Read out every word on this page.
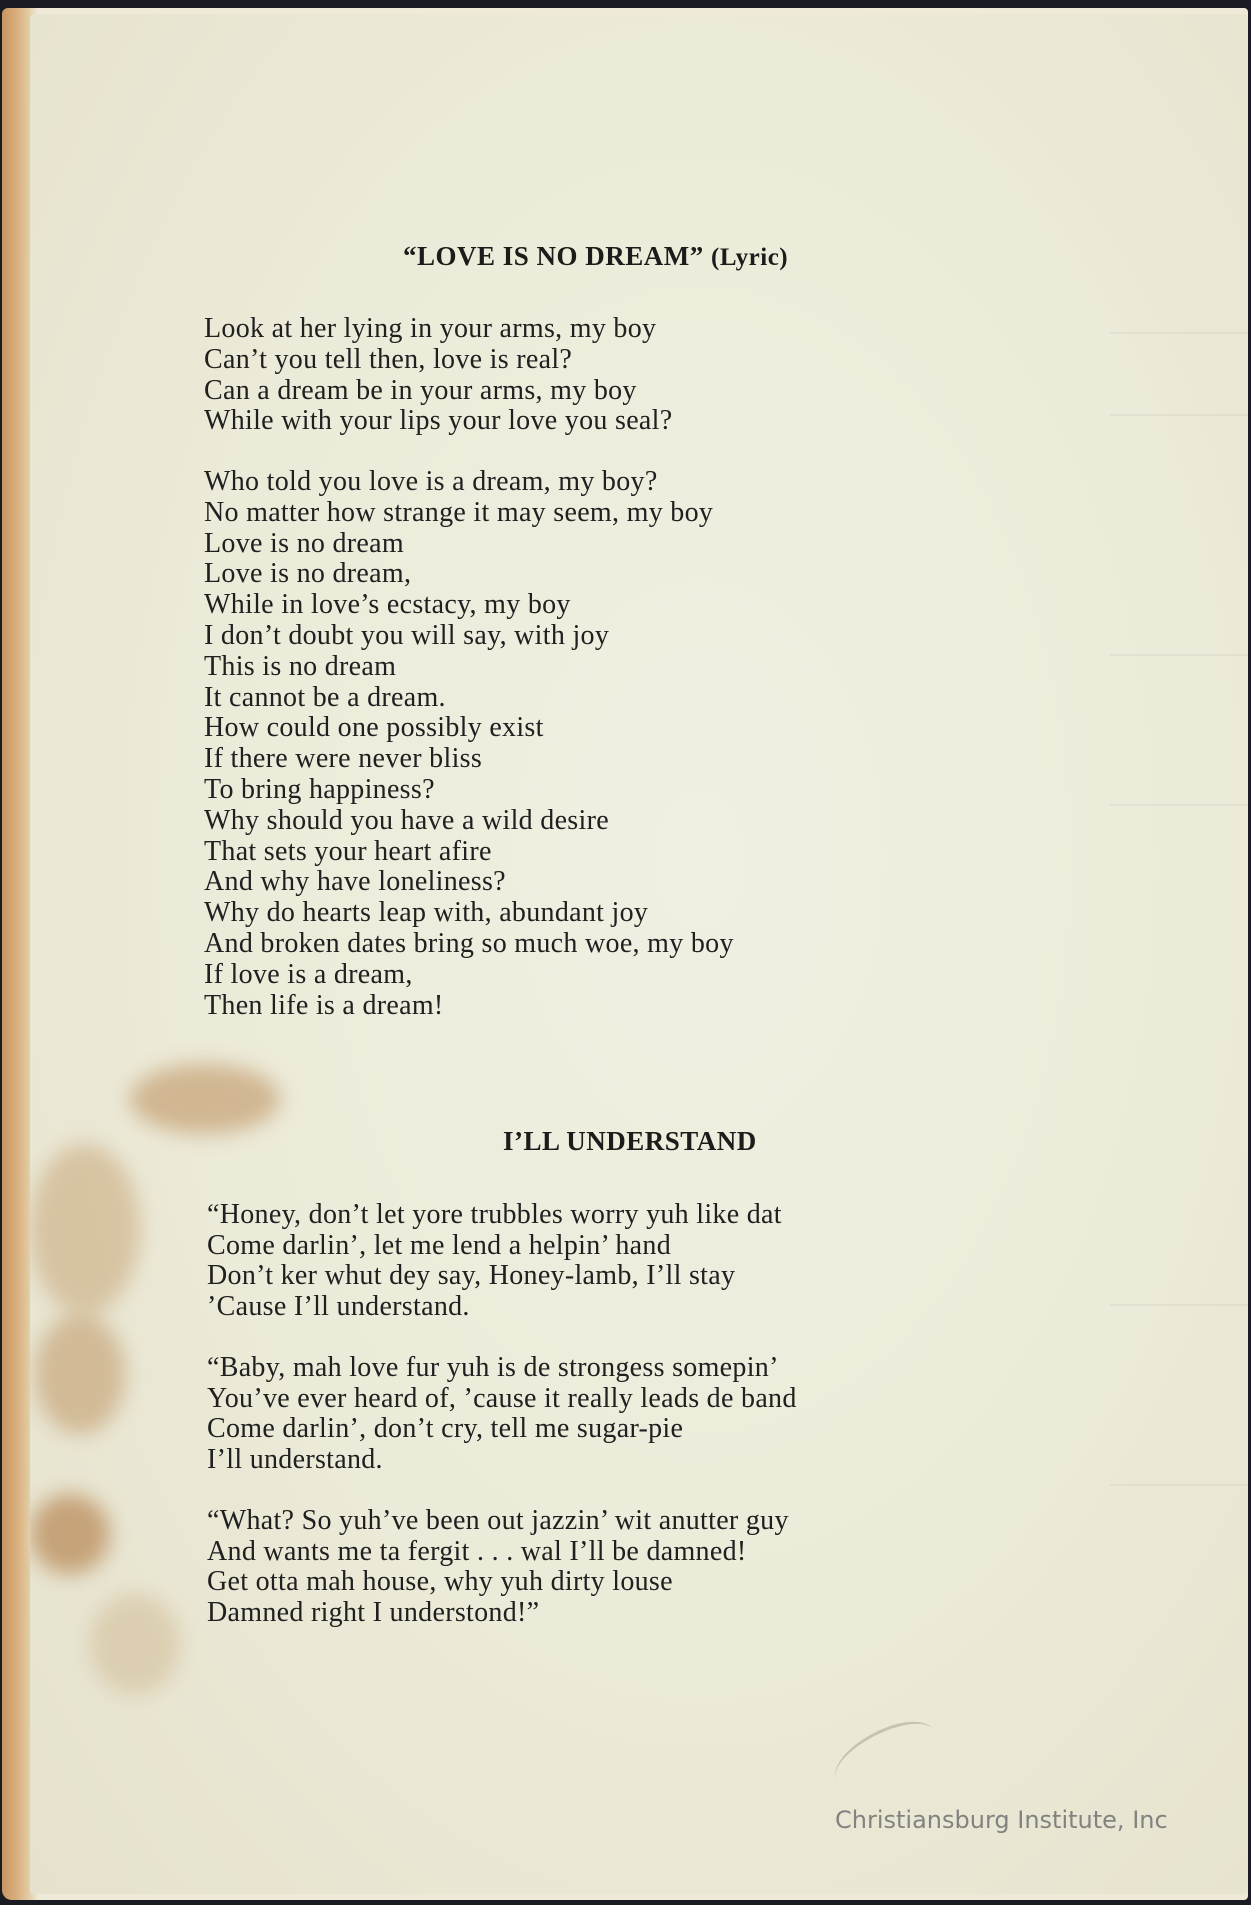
“LOVE IS NO DREAM” (Lyric)
Look at her lying in your arms, my boy
Can’t you tell then, love is real?
Can a dream be in your arms, my boy
While with your lips your love you seal?
Who told you love is a dream, my boy?
No matter how strange it may seem, my boy
Love is no dream
Love is no dream,
While in love’s ecstacy, my boy
I don’t doubt you will say, with joy
This is no dream
It cannot be a dream.
How could one possibly exist
If there were never bliss
To bring happiness?
Why should you have a wild desire
That sets your heart afire
And why have loneliness?
Why do hearts leap with, abundant joy
And broken dates bring so much woe, my boy
If love is a dream,
Then life is a dream!
I’LL UNDERSTAND
“Honey, don’t let yore trubbles worry yuh like dat
Come darlin’, let me lend a helpin’ hand
Don’t ker whut dey say, Honey-lamb, I’ll stay
’Cause I’ll understand.
“Baby, mah love fur yuh is de strongess somepin’
You’ve ever heard of, ’cause it really leads de band
Come darlin’, don’t cry, tell me sugar-pie
I’ll understand.
“What? So yuh’ve been out jazzin’ wit anutter guy
And wants me ta fergit . . . wal I’ll be damned!
Get otta mah house, why yuh dirty louse
Damned right I understond!”
Christiansburg Institute, Inc
